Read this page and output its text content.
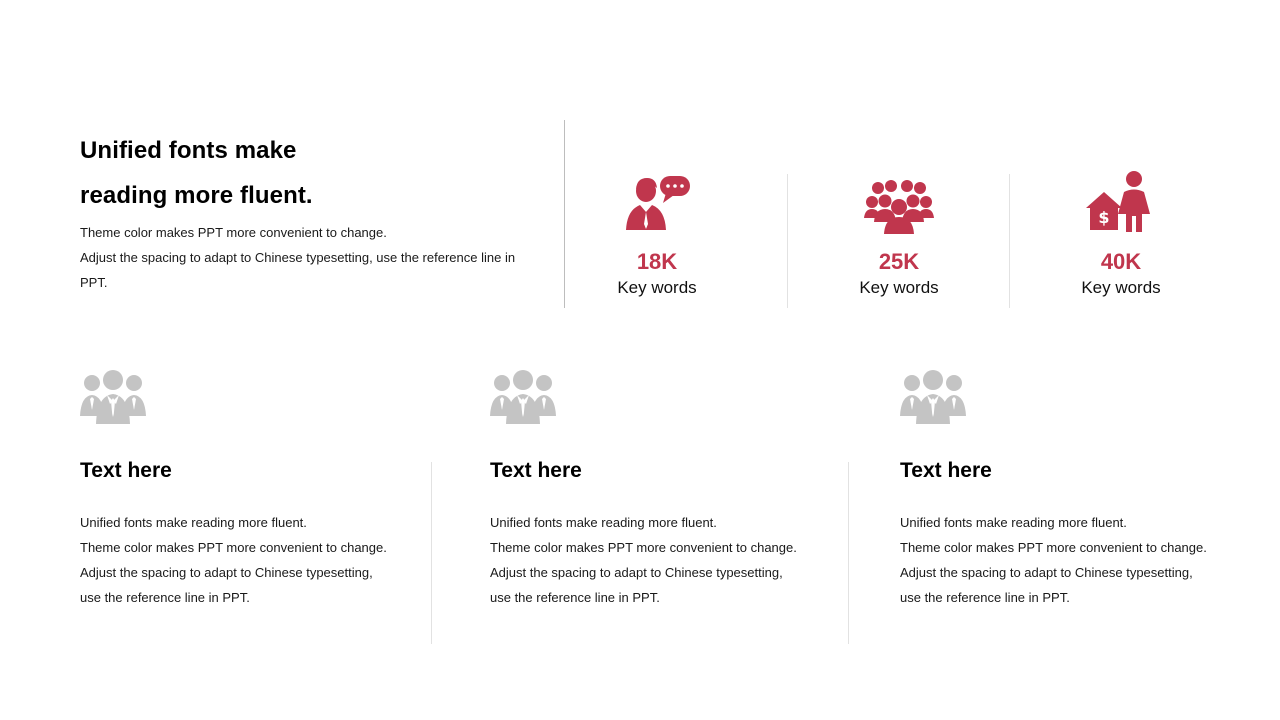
Unified fonts make
reading more fluent.

Theme color makes PPT more convenient to change.
Adjust the spacing to adapt to Chinese typesetting, use the reference line in PPT.

18K
Key words
25K
Key words
$
40K
Key words
Text here

Unified fonts make reading more fluent.
Theme color makes PPT more convenient to change.
Adjust the spacing to adapt to Chinese typesetting,
use the reference line in PPT.

Text here

Unified fonts make reading more fluent.
Theme color makes PPT more convenient to change.
Adjust the spacing to adapt to Chinese typesetting,
use the reference line in PPT.

Text here

Unified fonts make reading more fluent.
Theme color makes PPT more convenient to change.
Adjust the spacing to adapt to Chinese typesetting,
use the reference line in PPT.
